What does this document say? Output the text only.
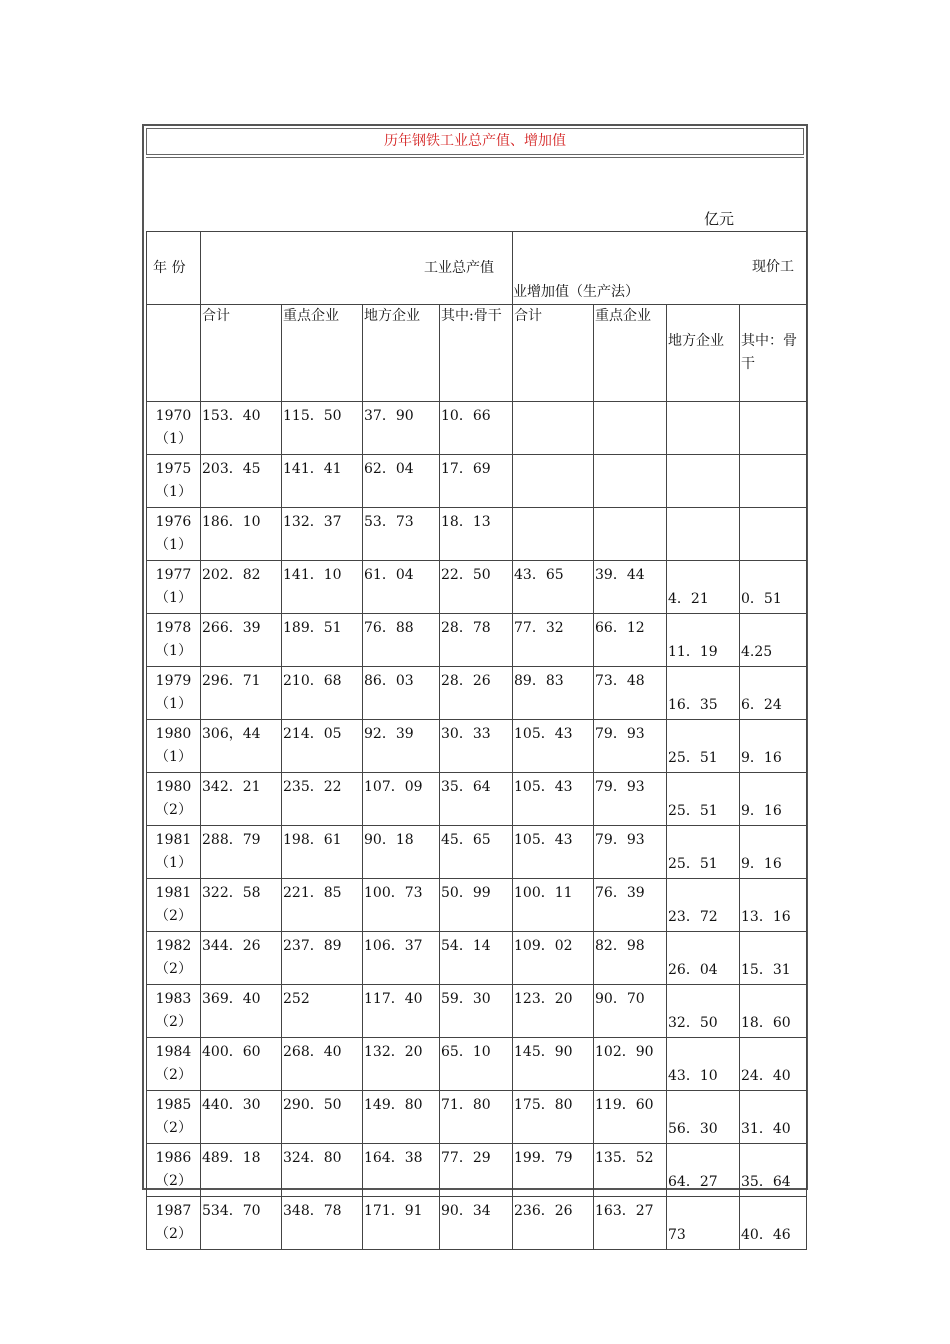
历年钢铁工业总产值、增加值
亿元
年 份	工业总产值				现价工
业增加值（生产法）			

	合计	重点企业	地方企业	其中:骨干	合计	重点企业	地方企业	其中：骨干

1970
（1）	153．40	115．50	37．90	10．66				

1975
（1）	203．45	141．41	62．04	17．69				

1976
（1）	186．10	132．37	53．73	18．13				

1977
（1）	202．82	141．10	61．04	22．50	43．65	39．44	4．21	0．51

1978
（1）	266．39	189．51	76．88	28．78	77．32	66．12	11．19	4.25

1979
（1）	296．71	210．68	86．03	28．26	89．83	73．48	16．35	6．24

1980
（1）	306，44	214．05	92．39	30．33	105．43	79．93	25．51	9．16

1980
（2）	342．21	235．22	107．09	35．64	105．43	79．93	25．51	9．16

1981
（1）	288．79	198．61	90．18	45．65	105．43	79．93	25．51	9．16

1981
（2）	322．58	221．85	100．73	50．99	100．11	76．39	23．72	13．16

1982
（2）	344．26	237．89	106．37	54．14	109．02	82．98	26．04	15．31

1983
（2）	369．40	252	117．40	59．30	123．20	90．70	32．50	18．60

1984
（2）	400．60	268．40	132．20	65．10	145．90	102．90	43．10	24．40

1985
（2）	440．30	290．50	149．80	71．80	175．80	119．60	56．30	31．40

1986
（2）	489．18	324．80	164．38	77．29	199．79	135．52	64．27	35．64

1987
（2）	534．70	348．78	171．91	90．34	236．26	163．27	73	40．46
